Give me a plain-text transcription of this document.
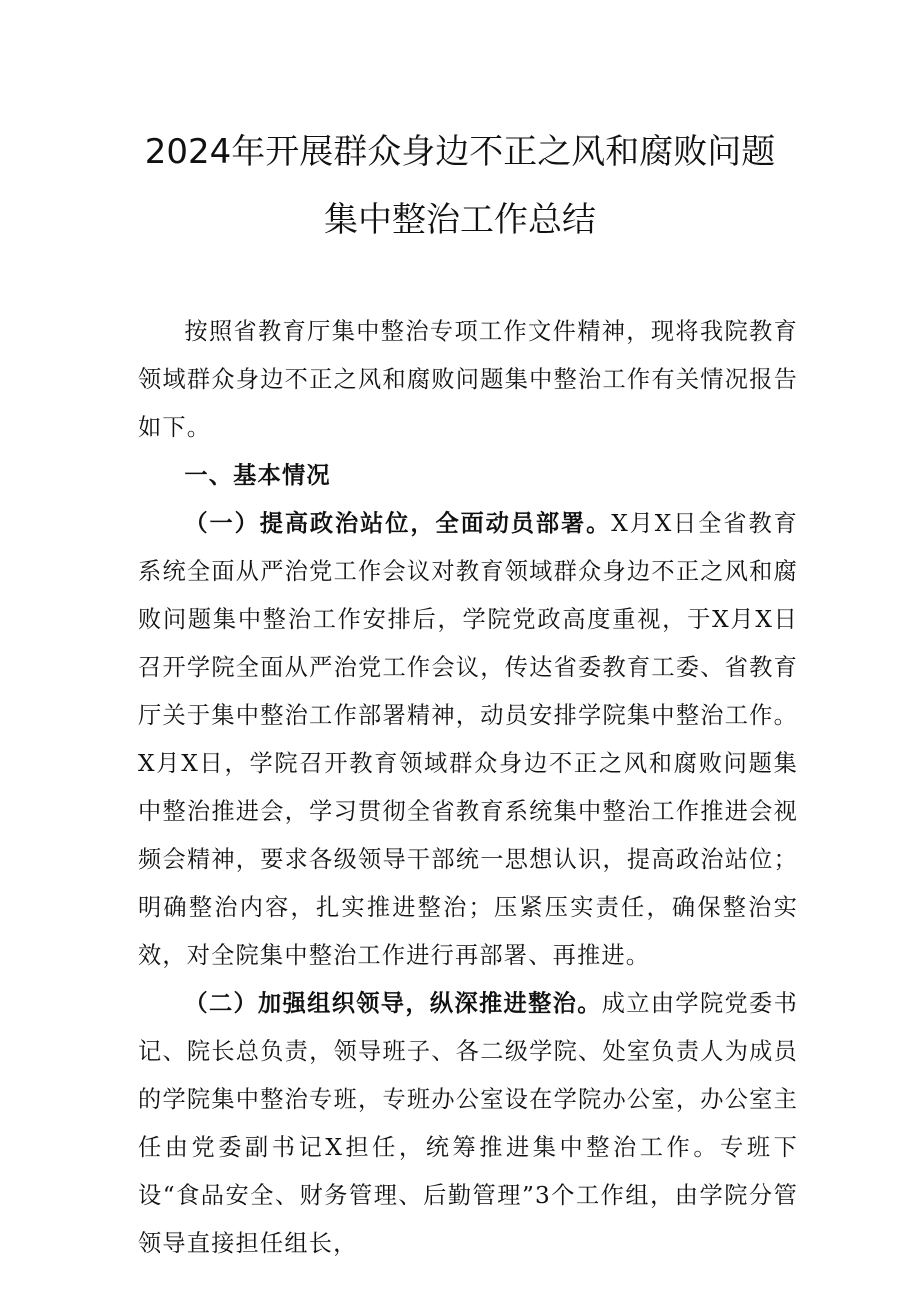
2024年开展群众身边不正之风和腐败问题
集中整治工作总结

按照省教育厅集中整治专项工作文件精神，现将我院教育领域群众身边不正之风和腐败问题集中整治工作有关情况报告如下。

一、基本情况

（一）提高政治站位，全面动员部署。X月X日全省教育系统全面从严治党工作会议对教育领域群众身边不正之风和腐败问题集中整治工作安排后，学院党政高度重视，于X月X日召开学院全面从严治党工作会议，传达省委教育工委、省教育厅关于集中整治工作部署精神，动员安排学院集中整治工作。X月X日，学院召开教育领域群众身边不正之风和腐败问题集中整治推进会，学习贯彻全省教育系统集中整治工作推进会视频会精神，要求各级领导干部统一思想认识，提高政治站位；明确整治内容，扎实推进整治；压紧压实责任，确保整治实效，对全院集中整治工作进行再部署、再推进。

（二）加强组织领导，纵深推进整治。成立由学院党委书记、院长总负责，领导班子、各二级学院、处室负责人为成员的学院集中整治专班，专班办公室设在学院办公室，办公室主任由党委副书记X担任，统筹推进集中整治工作。专班下设“食品安全、财务管理、后勤管理”3个工作组，由学院分管领导直接担任组长，
